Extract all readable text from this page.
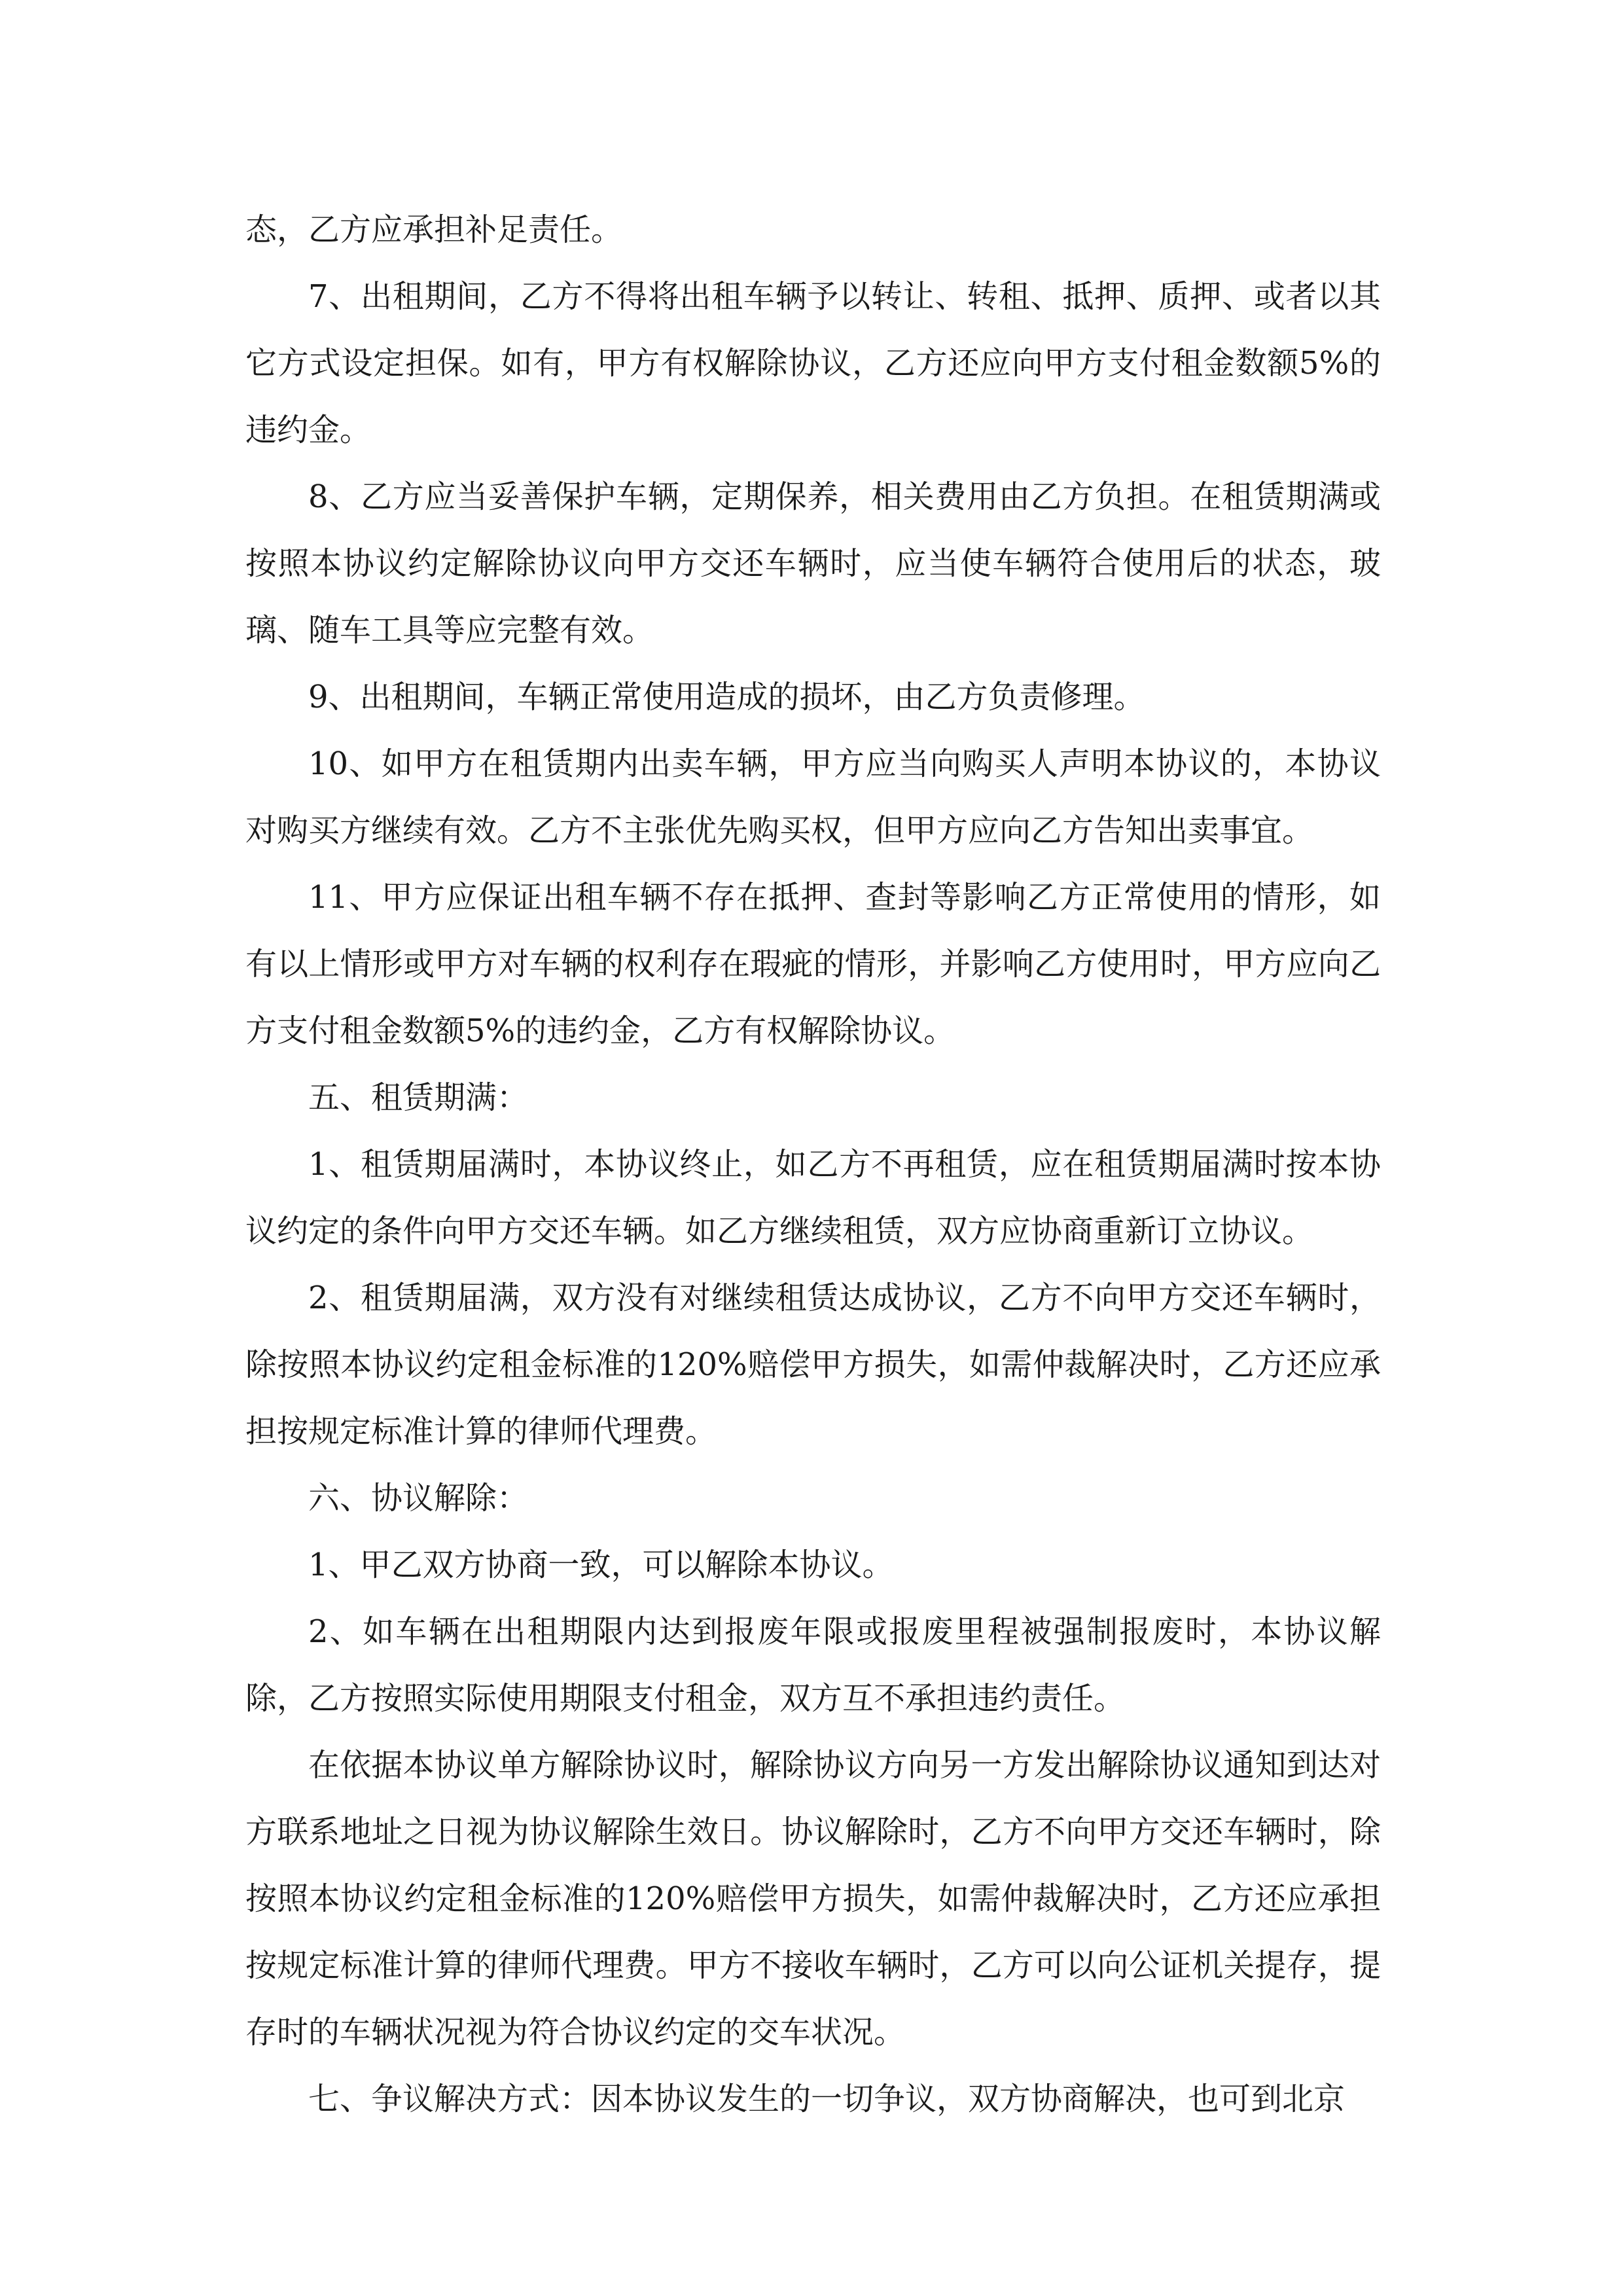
态，乙方应承担补足责任。

7、出租期间，乙方不得将出租车辆予以转让、转租、抵押、质押、或者以其它方式设定担保。如有，甲方有权解除协议，乙方还应向甲方支付租金数额5%的违约金。

8、乙方应当妥善保护车辆，定期保养，相关费用由乙方负担。在租赁期满或按照本协议约定解除协议向甲方交还车辆时，应当使车辆符合使用后的状态，玻璃、随车工具等应完整有效。

9、出租期间，车辆正常使用造成的损坏，由乙方负责修理。

10、如甲方在租赁期内出卖车辆，甲方应当向购买人声明本协议的，本协议对购买方继续有效。乙方不主张优先购买权，但甲方应向乙方告知出卖事宜。

11、甲方应保证出租车辆不存在抵押、查封等影响乙方正常使用的情形，如有以上情形或甲方对车辆的权利存在瑕疵的情形，并影响乙方使用时，甲方应向乙方支付租金数额5%的违约金，乙方有权解除协议。

五、租赁期满：

1、租赁期届满时，本协议终止，如乙方不再租赁，应在租赁期届满时按本协议约定的条件向甲方交还车辆。如乙方继续租赁，双方应协商重新订立协议。

2、租赁期届满，双方没有对继续租赁达成协议，乙方不向甲方交还车辆时，除按照本协议约定租金标准的120%赔偿甲方损失，如需仲裁解决时，乙方还应承担按规定标准计算的律师代理费。

六、协议解除：

1、甲乙双方协商一致，可以解除本协议。

2、如车辆在出租期限内达到报废年限或报废里程被强制报废时，本协议解除，乙方按照实际使用期限支付租金，双方互不承担违约责任。

在依据本协议单方解除协议时，解除协议方向另一方发出解除协议通知到达对方联系地址之日视为协议解除生效日。协议解除时，乙方不向甲方交还车辆时，除按照本协议约定租金标准的120%赔偿甲方损失，如需仲裁解决时，乙方还应承担按规定标准计算的律师代理费。甲方不接收车辆时，乙方可以向公证机关提存，提存时的车辆状况视为符合协议约定的交车状况。

七、争议解决方式：因本协议发生的一切争议，双方协商解决，也可到北京
